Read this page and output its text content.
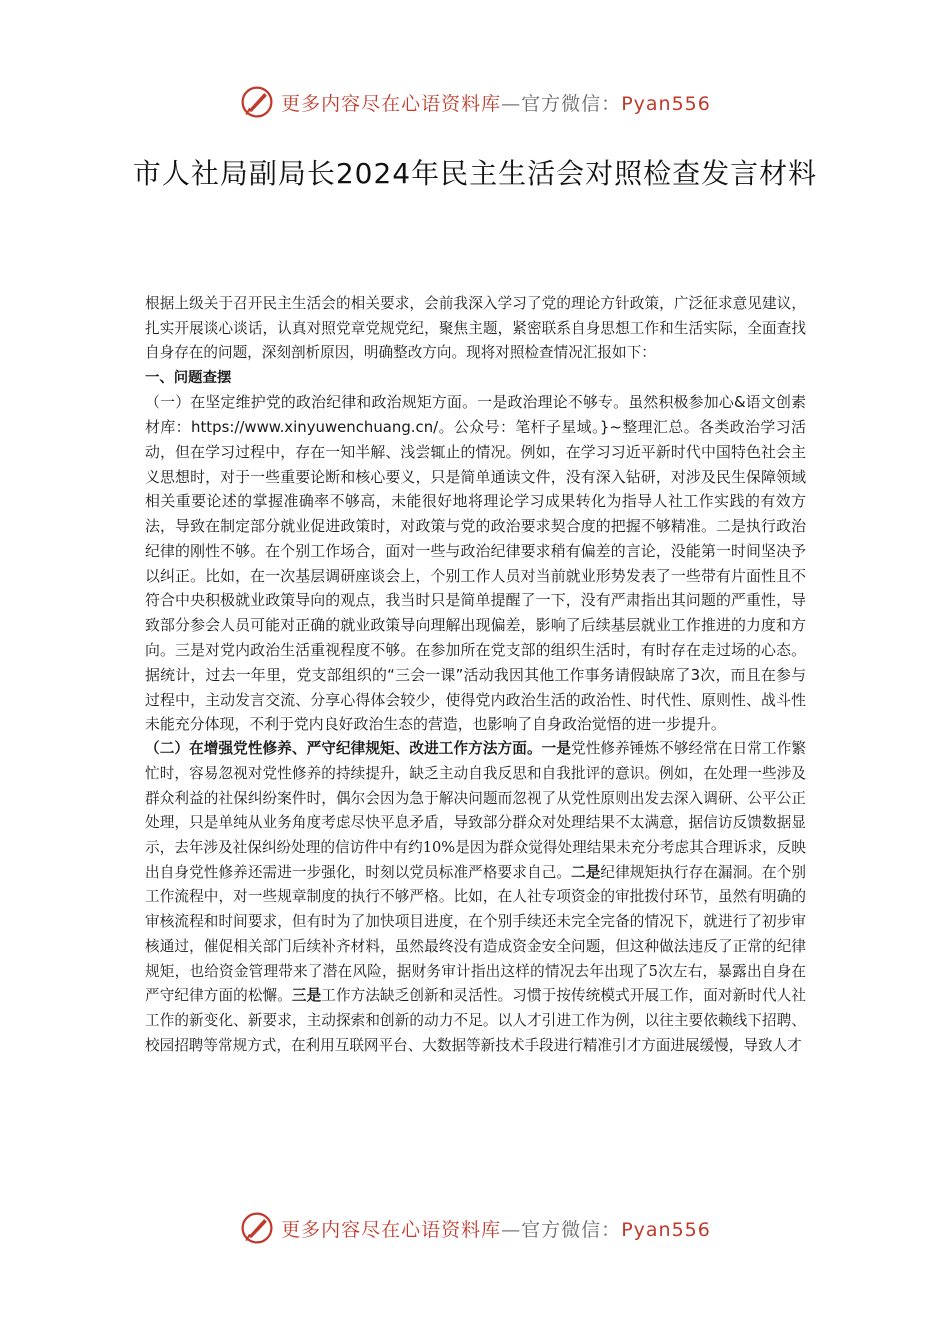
更多内容尽在心语资料库—官方微信：Pyan556
市人社局副局长2024年民主生活会对照检查发言材料

根据上级关于召开民主生活会的相关要求，会前我深入学习了党的理论方针政策，广泛征求意见建议，扎实开展谈心谈话，认真对照党章党规党纪，聚焦主题，紧密联系自身思想工作和生活实际，全面查找自身存在的问题，深刻剖析原因，明确整改方向。现将对照检查情况汇报如下：

一、问题查摆

（一）在坚定维护党的政治纪律和政治规矩方面。一是政治理论不够专。虽然积极参加心&语文创素材库：https://www.xinyuwenchuang.cn/。公众号：笔杆子星域。}~整理汇总。各类政治学习活动，但在学习过程中，存在一知半解、浅尝辄止的情况。例如，在学习习近平新时代中国特色社会主义思想时，对于一些重要论断和核心要义，只是简单通读文件，没有深入钻研，对涉及民生保障领域相关重要论述的掌握准确率不够高，未能很好地将理论学习成果转化为指导人社工作实践的有效方法，导致在制定部分就业促进政策时，对政策与党的政治要求契合度的把握不够精准。二是执行政治纪律的刚性不够。在个别工作场合，面对一些与政治纪律要求稍有偏差的言论，没能第一时间坚决予以纠正。比如，在一次基层调研座谈会上，个别工作人员对当前就业形势发表了一些带有片面性且不符合中央积极就业政策导向的观点，我当时只是简单提醒了一下，没有严肃指出其问题的严重性，导致部分参会人员可能对正确的就业政策导向理解出现偏差，影响了后续基层就业工作推进的力度和方向。三是对党内政治生活重视程度不够。在参加所在党支部的组织生活时，有时存在走过场的心态。据统计，过去一年里，党支部组织的“三会一课”活动我因其他工作事务请假缺席了3次，而且在参与过程中，主动发言交流、分享心得体会较少，使得党内政治生活的政治性、时代性、原则性、战斗性未能充分体现，不利于党内良好政治生态的营造，也影响了自身政治觉悟的进一步提升。

（二）在增强党性修养、严守纪律规矩、改进工作方法方面。一是党性修养锤炼不够经常在日常工作繁忙时，容易忽视对党性修养的持续提升，缺乏主动自我反思和自我批评的意识。例如，在处理一些涉及群众利益的社保纠纷案件时，偶尔会因为急于解决问题而忽视了从党性原则出发去深入调研、公平公正处理，只是单纯从业务角度考虑尽快平息矛盾，导致部分群众对处理结果不太满意，据信访反馈数据显示，去年涉及社保纠纷处理的信访件中有约10%是因为群众觉得处理结果未充分考虑其合理诉求，反映出自身党性修养还需进一步强化，时刻以党员标准严格要求自己。二是纪律规矩执行存在漏洞。在个别工作流程中，对一些规章制度的执行不够严格。比如，在人社专项资金的审批拨付环节，虽然有明确的审核流程和时间要求，但有时为了加快项目进度，在个别手续还未完全完备的情况下，就进行了初步审核通过，催促相关部门后续补齐材料，虽然最终没有造成资金安全问题，但这种做法违反了正常的纪律规矩，也给资金管理带来了潜在风险，据财务审计指出这样的情况去年出现了5次左右，暴露出自身在严守纪律方面的松懈。三是工作方法缺乏创新和灵活性。习惯于按传统模式开展工作，面对新时代人社工作的新变化、新要求，主动探索和创新的动力不足。以人才引进工作为例，以往主要依赖线下招聘、校园招聘等常规方式，在利用互联网平台、大数据等新技术手段进行精准引才方面进展缓慢，导致人才

更多内容尽在心语资料库—官方微信：Pyan556
